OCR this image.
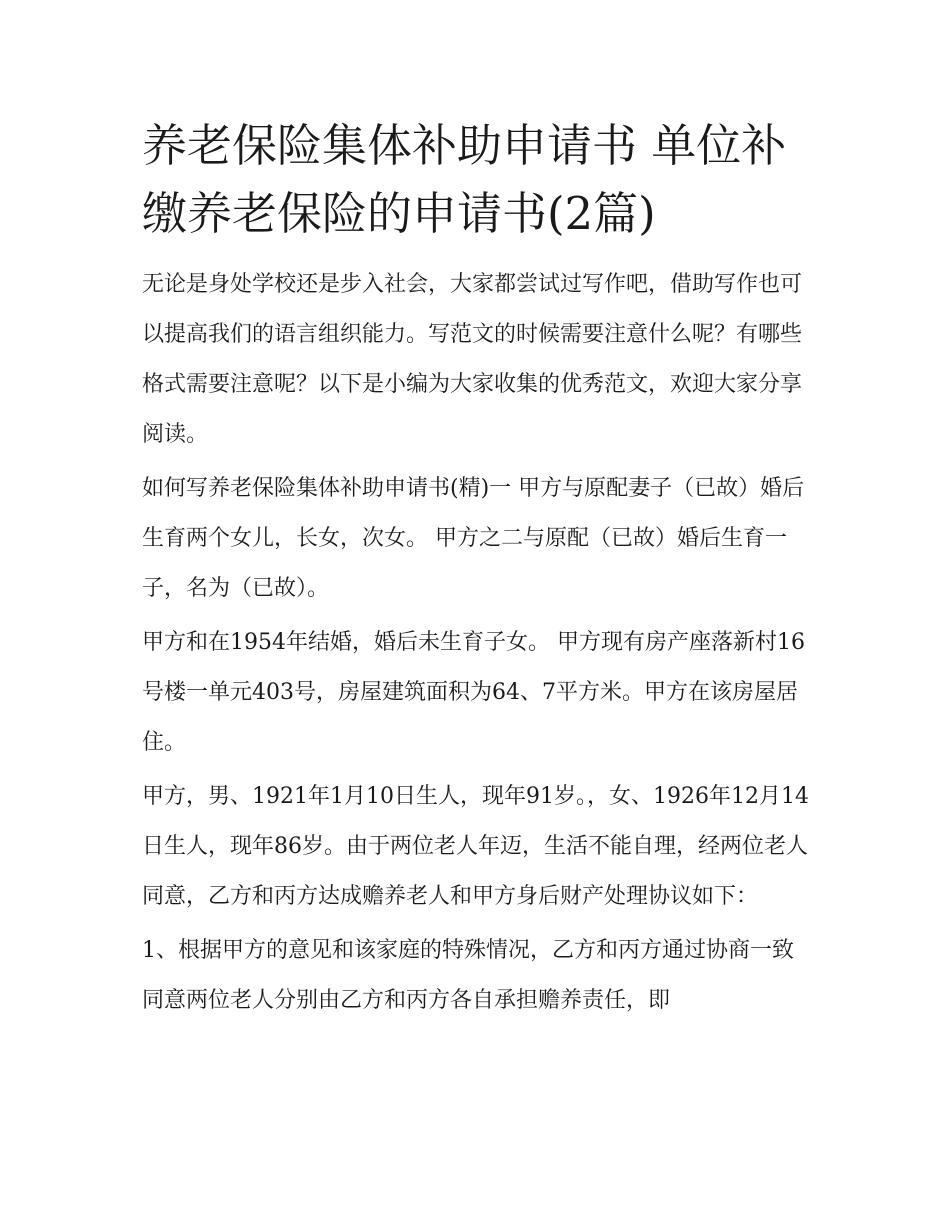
养老保险集体补助申请书 单位补缴养老保险的申请书(2篇)

无论是身处学校还是步入社会，大家都尝试过写作吧，借助写作也可以提高我们的语言组织能力。写范文的时候需要注意什么呢？有哪些格式需要注意呢？以下是小编为大家收集的优秀范文，欢迎大家分享阅读。

如何写养老保险集体补助申请书(精)一 甲方与原配妻子（已故）婚后生育两个女儿，长女，次女。 甲方之二与原配（已故）婚后生育一子，名为（已故）。

甲方和在1954年结婚，婚后未生育子女。 甲方现有房产座落新村16号楼一单元403号，房屋建筑面积为64、7平方米。甲方在该房屋居住。

甲方，男、1921年1月10日生人，现年91岁。，女、1926年12月14日生人，现年86岁。由于两位老人年迈，生活不能自理，经两位老人同意，乙方和丙方达成赡养老人和甲方身后财产处理协议如下：

1、根据甲方的意见和该家庭的特殊情况，乙方和丙方通过协商一致同意两位老人分别由乙方和丙方各自承担赡养责任，即
